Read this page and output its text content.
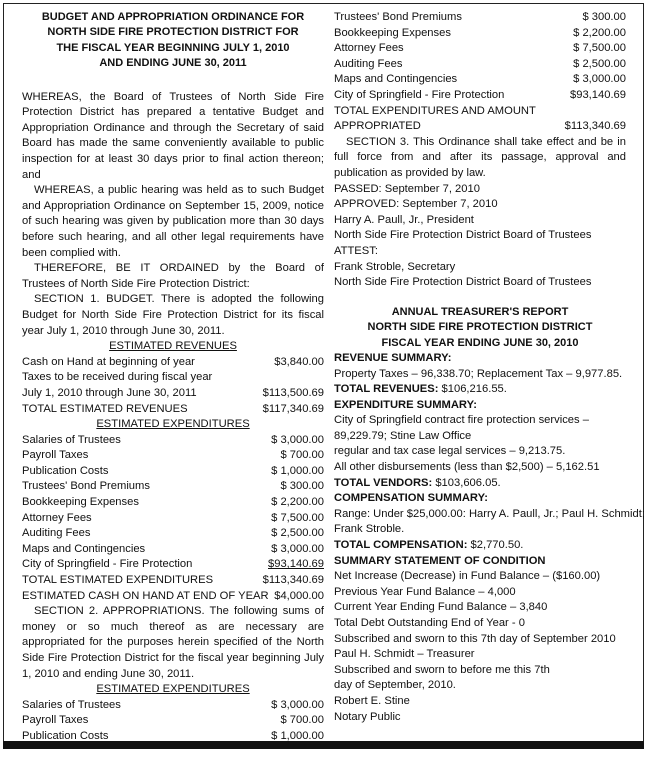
BUDGET AND APPROPRIATION ORDINANCE FOR
NORTH SIDE FIRE PROTECTION DISTRICT FOR
THE FISCAL YEAR BEGINNING JULY 1, 2010
AND ENDING JUNE 30, 2011
WHEREAS, the Board of Trustees of North Side Fire Protection District has prepared a tentative Budget and Appropriation Ordinance and through the Secretary of said Board has made the same conveniently available to public inspection for at least 30 days prior to final action thereon; and
WHEREAS, a public hearing was held as to such Budget and Appropriation Ordinance on September 15, 2009, notice of such hearing was given by publication more than 30 days before such hearing, and all other legal requirements have been complied with.
THEREFORE, BE IT ORDAINED by the Board of Trustees of North Side Fire Protection District:
SECTION 1. BUDGET. There is adopted the following Budget for North Side Fire Protection District for its fiscal year July 1, 2010 through June 30, 2011.
ESTIMATED REVENUES
Cash on Hand at beginning of year	$3,840.00
Taxes to be received during fiscal year
July 1, 2010 through June 30, 2011	$113,500.69
TOTAL ESTIMATED REVENUES	$117,340.69
ESTIMATED EXPENDITURES
Salaries of Trustees	$ 3,000.00
Payroll Taxes	$ 700.00
Publication Costs	$ 1,000.00
Trustees' Bond Premiums	$ 300.00
Bookkeeping Expenses	$ 2,200.00
Attorney Fees	$ 7,500.00
Auditing Fees	$ 2,500.00
Maps and Contingencies	$ 3,000.00
City of Springfield - Fire Protection	$93,140.69
TOTAL ESTIMATED EXPENDITURES	$113,340.69
ESTIMATED CASH ON HAND AT END OF YEAR $4,000.00
SECTION 2. APPROPRIATIONS. The following sums of money or so much thereof as are necessary are appropriated for the purposes herein specified of the North Side Fire Protection District for the fiscal year beginning July 1, 2010 and ending June 30, 2011.
ESTIMATED EXPENDITURES
Salaries of Trustees	$ 3,000.00
Payroll Taxes	$ 700.00
Publication Costs	$ 1,000.00
Trustees' Bond Premiums	$ 300.00
Bookkeeping Expenses	$ 2,200.00
Attorney Fees	$ 7,500.00
Auditing Fees	$ 2,500.00
Maps and Contingencies	$ 3,000.00
City of Springfield - Fire Protection	$93,140.69
TOTAL EXPENDITURES AND AMOUNT
APPROPRIATED	$113,340.69
SECTION 3. This Ordinance shall take effect and be in full force from and after its passage, approval and publication as provided by law.
PASSED: September 7, 2010
APPROVED: September 7, 2010
Harry A. Paull, Jr., President
North Side Fire Protection District Board of Trustees
ATTEST:
Frank Stroble, Secretary
North Side Fire Protection District Board of Trustees
ANNUAL TREASURER'S REPORT
NORTH SIDE FIRE PROTECTION DISTRICT
FISCAL YEAR ENDING JUNE 30, 2010
REVENUE SUMMARY:
Property Taxes – 96,338.70; Replacement Tax – 9,977.85.
TOTAL REVENUES: $106,216.55.
EXPENDITURE SUMMARY:
City of Springfield contract fire protection services –
89,229.79; Stine Law Office
regular and tax case legal services – 9,213.75.
All other disbursements (less than $2,500) – 5,162.51
TOTAL VENDORS: $103,606.05.
COMPENSATION SUMMARY:
Range: Under $25,000.00: Harry A. Paull, Jr.; Paul H. Schmidt;
Frank Stroble.
TOTAL COMPENSATION: $2,770.50.
SUMMARY STATEMENT OF CONDITION
Net Increase (Decrease) in Fund Balance – ($160.00)
Previous Year Fund Balance – 4,000
Current Year Ending Fund Balance – 3,840
Total Debt Outstanding End of Year - 0
Subscribed and sworn to this 7th day of September 2010
Paul H. Schmidt – Treasurer
Subscribed and sworn to before me this 7th
day of September, 2010.
Robert E. Stine
Notary Public
